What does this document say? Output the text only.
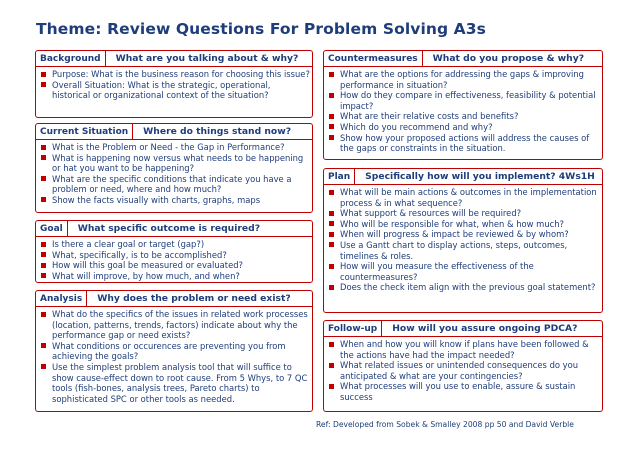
Theme: Review Questions For Problem Solving A3s
Background	What are you talking about & why?
Purpose: What is the business reason for choosing this issue?
Overall Situation: What is the strategic, operational, historical or organizational context of the situation?
Current Situation	Where do things stand now?
What is the Problem or Need - the Gap in Performance?
What is happening now versus what needs to be happening or hat you want to be happening?
What are the specific conditions that indicate you have a problem or need, where and how much?
Show the facts visually with charts, graphs, maps
Goal	What specific outcome is required?
Is there a clear goal or target (gap?)
What, specifically, is to be accomplished?
How will this goal be measured or evaluated?
What will improve, by how much, and when?
Analysis	Why does the problem or need exist?
What do the specifics of the issues in related work processes (location, patterns, trends, factors) indicate about why the performance gap or need exists?
What conditions or occurences are preventing you from achieving the goals?
Use the simplest problem analysis tool that will suffice to show cause-effect down to root cause. From 5 Whys, to 7 QC tools (fish-bones, analysis trees, Pareto charts) to sophisticated SPC or other tools as needed.
Countermeasures	What do you propose & why?
What are the options for addressing the gaps & improving performance in situation?
How do they compare in effectiveness, feasibility & potential impact?
What are their relative costs and benefits?
Which do you recommend and why?
Show how your proposed actions will address the causes of the gaps or constraints in the situation.
Plan	Specifically how will you implement? 4Ws1H
What will be main actions & outcomes in the implementation process & in what sequence?
What support & resources will be required?
Who will be responsible for what, when & how much?
When will progress & impact be reviewed & by whom?
Use a Gantt chart to display actions, steps, outcomes, timelines & roles.
How will you measure the effectiveness of the countermeasures?
Does the check item align with the previous goal statement?
Follow-up	How will you assure ongoing PDCA?
When and how you will know if plans have been followed & the actions have had the impact needed?
What related issues or unintended consequences do you anticipated & what are your contingencies?
What processes will you use to enable, assure & sustain success
Ref: Developed from Sobek & Smalley 2008 pp 50 and David Verble
